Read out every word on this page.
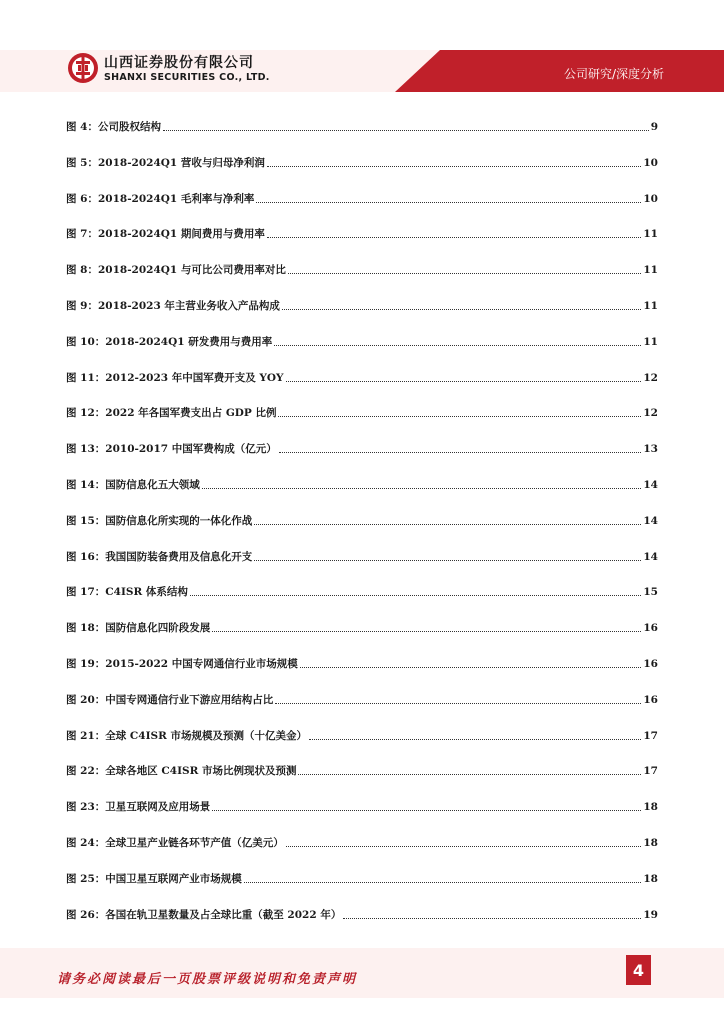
山西证券股份有限公司
SHANXI SECURITIES CO., LTD.	公司研究/深度分析
图 4： 公司股权结构	9
图 5： 2018-2024Q1 营收与归母净利润	10
图 6： 2018-2024Q1 毛利率与净利率	10
图 7： 2018-2024Q1 期间费用与费用率	11
图 8： 2018-2024Q1 与可比公司费用率对比	11
图 9： 2018-2023 年主营业务收入产品构成	11
图 10： 2018-2024Q1 研发费用与费用率	11
图 11： 2012-2023 年中国军费开支及 YOY	12
图 12： 2022 年各国军费支出占 GDP 比例	12
图 13： 2010-2017 中国军费构成（亿元）	13
图 14： 国防信息化五大领域	14
图 15： 国防信息化所实现的一体化作战	14
图 16： 我国国防装备费用及信息化开支	14
图 17： C4ISR 体系结构	15
图 18： 国防信息化四阶段发展	16
图 19： 2015-2022 中国专网通信行业市场规模	16
图 20： 中国专网通信行业下游应用结构占比	16
图 21： 全球 C4ISR 市场规模及预测（十亿美金）	17
图 22： 全球各地区 C4ISR 市场比例现状及预测	17
图 23： 卫星互联网及应用场景	18
图 24： 全球卫星产业链各环节产值（亿美元）	18
图 25： 中国卫星互联网产业市场规模	18
图 26： 各国在轨卫星数量及占全球比重（截至 2022 年）	19
请务必阅读最后一页股票评级说明和免责声明	4
